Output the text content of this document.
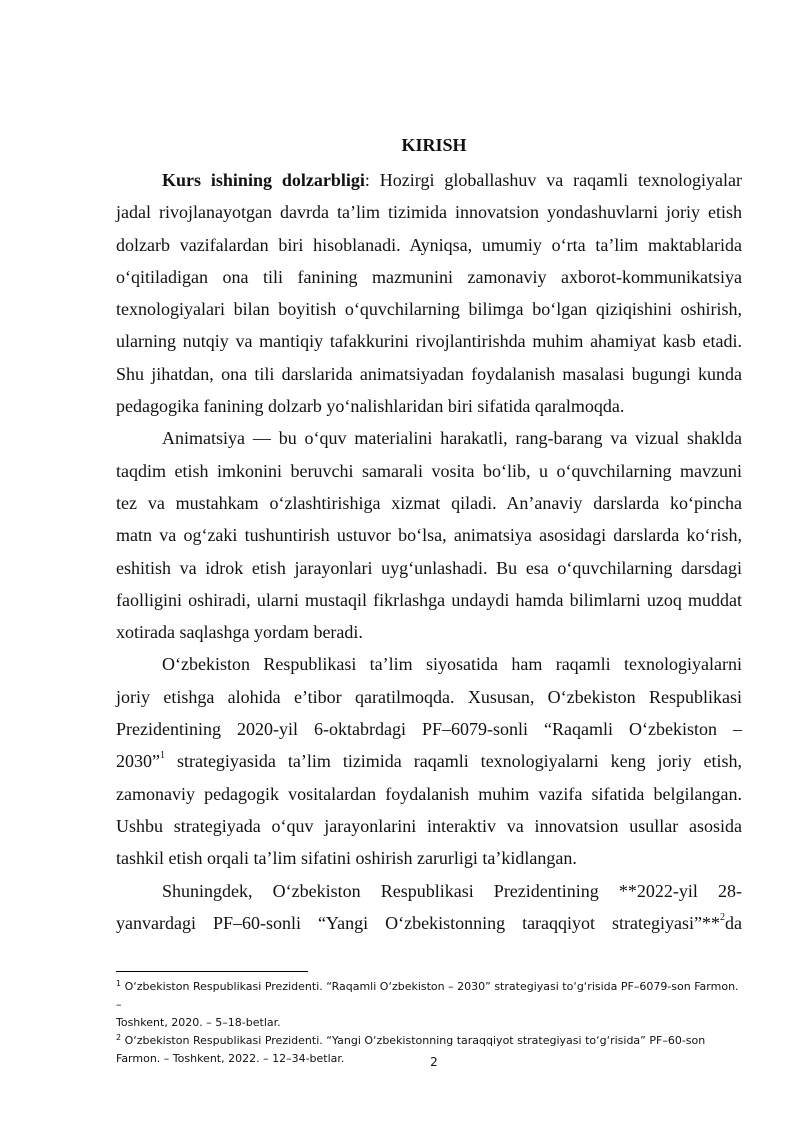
KIRISH
Kurs ishining dolzarbligi: Hozirgi globallashuv va raqamli texnologiyalar
jadal rivojlanayotgan davrda ta’lim tizimida innovatsion yondashuvlarni joriy etish
dolzarb vazifalardan biri hisoblanadi. Ayniqsa, umumiy o‘rta ta’lim maktablarida
o‘qitiladigan ona tili fanining mazmunini zamonaviy axborot-kommunikatsiya
texnologiyalari bilan boyitish o‘quvchilarning bilimga bo‘lgan qiziqishini oshirish,
ularning nutqiy va mantiqiy tafakkurini rivojlantirishda muhim ahamiyat kasb etadi.
Shu jihatdan, ona tili darslarida animatsiyadan foydalanish masalasi bugungi kunda
pedagogika fanining dolzarb yo‘nalishlaridan biri sifatida qaralmoqda.
Animatsiya — bu o‘quv materialini harakatli, rang-barang va vizual shaklda
taqdim etish imkonini beruvchi samarali vosita bo‘lib, u o‘quvchilarning mavzuni
tez va mustahkam o‘zlashtirishiga xizmat qiladi. An’anaviy darslarda ko‘pincha
matn va og‘zaki tushuntirish ustuvor bo‘lsa, animatsiya asosidagi darslarda ko‘rish,
eshitish va idrok etish jarayonlari uyg‘unlashadi. Bu esa o‘quvchilarning darsdagi
faolligini oshiradi, ularni mustaqil fikrlashga undaydi hamda bilimlarni uzoq muddat
xotirada saqlashga yordam beradi.
O‘zbekiston Respublikasi ta’lim siyosatida ham raqamli texnologiyalarni
joriy etishga alohida e’tibor qaratilmoqda. Xususan, O‘zbekiston Respublikasi
Prezidentining 2020-yil 6-oktabrdagi PF–6079-sonli “Raqamli O‘zbekiston –
2030”$^1$ strategiyasida ta’lim tizimida raqamli texnologiyalarni keng joriy etish,
zamonaviy pedagogik vositalardan foydalanish muhim vazifa sifatida belgilangan.
Ushbu strategiyada o‘quv jarayonlarini interaktiv va innovatsion usullar asosida
tashkil etish orqali ta’lim sifatini oshirish zarurligi ta’kidlangan.
Shuningdek, O‘zbekiston Respublikasi Prezidentining **2022-yil 28-
yanvardagi PF–60-sonli “Yangi O‘zbekistonning taraqqiyot strategiyasi”**$^2$da
$^1$ O‘zbekiston Respublikasi Prezidenti. “Raqamli O‘zbekiston – 2030” strategiyasi to‘g‘risida PF–6079-son Farmon. –
Toshkent, 2020. – 5–18-betlar.
$^2$ O‘zbekiston Respublikasi Prezidenti. “Yangi O‘zbekistonning taraqqiyot strategiyasi to‘g‘risida” PF–60-son
Farmon. – Toshkent, 2022. – 12–34-betlar.	2
